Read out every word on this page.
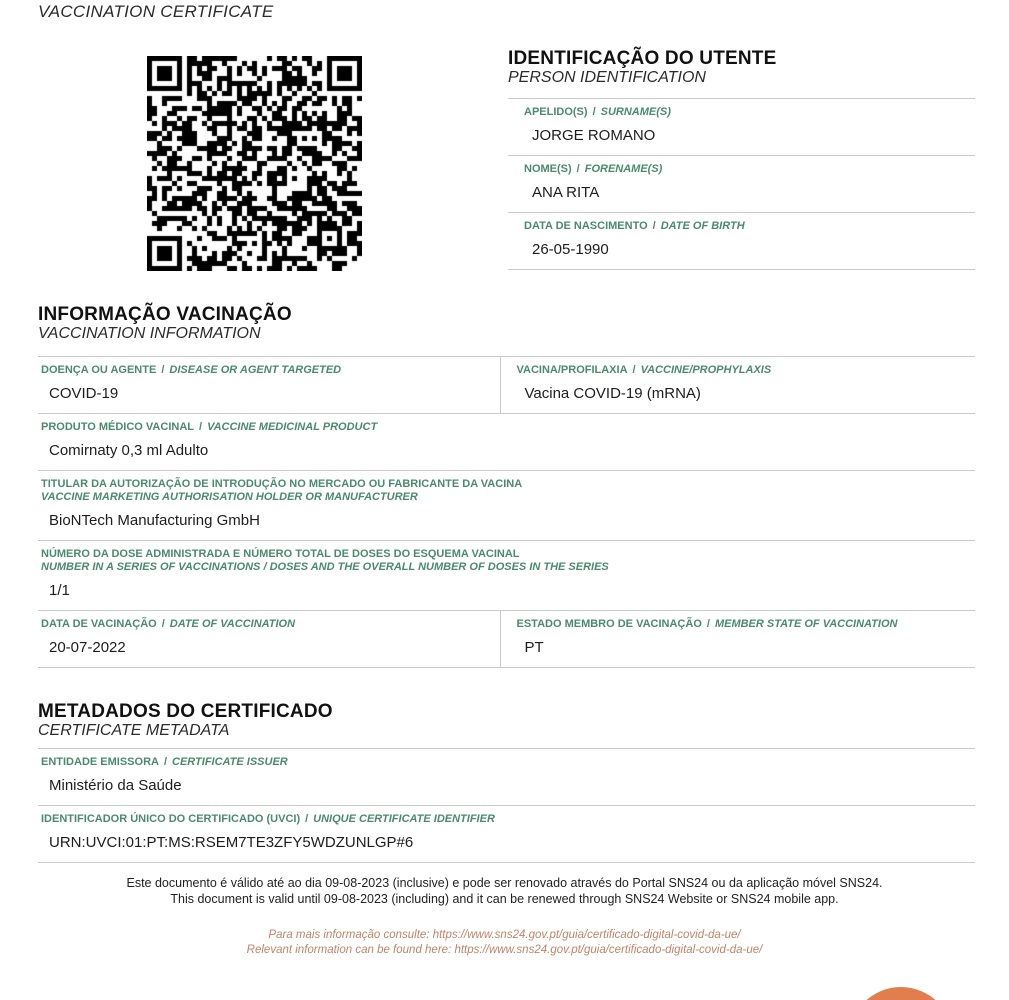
VACCINATION CERTIFICATE
IDENTIFICAÇÃO DO UTENTE
PERSON IDENTIFICATION
APELIDO(S) / SURNAME(S)
JORGE ROMANO
NOME(S) / FORENAME(S)
ANA RITA
DATA DE NASCIMENTO / DATE OF BIRTH
26-05-1990
INFORMAÇÃO VACINAÇÃO
VACCINATION INFORMATION
DOENÇA OU AGENTE / DISEASE OR AGENT TARGETED
COVID-19
VACINA/PROFILAXIA / VACCINE/PROPHYLAXIS
Vacina COVID-19 (mRNA)
PRODUTO MÉDICO VACINAL / VACCINE MEDICINAL PRODUCT
Comirnaty 0,3 ml Adulto
TITULAR DA AUTORIZAÇÃO DE INTRODUÇÃO NO MERCADO OU FABRICANTE DA VACINA
VACCINE MARKETING AUTHORISATION HOLDER OR MANUFACTURER
BioNTech Manufacturing GmbH
NÚMERO DA DOSE ADMINISTRADA E NÚMERO TOTAL DE DOSES DO ESQUEMA VACINAL
NUMBER IN A SERIES OF VACCINATIONS / DOSES AND THE OVERALL NUMBER OF DOSES IN THE SERIES
1/1
DATA DE VACINAÇÃO / DATE OF VACCINATION
20-07-2022
ESTADO MEMBRO DE VACINAÇÃO / MEMBER STATE OF VACCINATION
PT
METADADOS DO CERTIFICADO
CERTIFICATE METADATA
ENTIDADE EMISSORA / CERTIFICATE ISSUER
Ministério da Saúde
IDENTIFICADOR ÚNICO DO CERTIFICADO (UVCI) / UNIQUE CERTIFICATE IDENTIFIER
URN:UVCI:01:PT:MS:RSEM7TE3ZFY5WDZUNLGP#6
Este documento é válido até ao dia 09-08-2023 (inclusive) e pode ser renovado através do Portal SNS24 ou da aplicação móvel SNS24.
This document is valid until 09-08-2023 (including) and it can be renewed through SNS24 Website or SNS24 mobile app.
Para mais informação consulte: https://www.sns24.gov.pt/guia/certificado-digital-covid-da-ue/
Relevant information can be found here: https://www.sns24.gov.pt/guia/certificado-digital-covid-da-ue/
